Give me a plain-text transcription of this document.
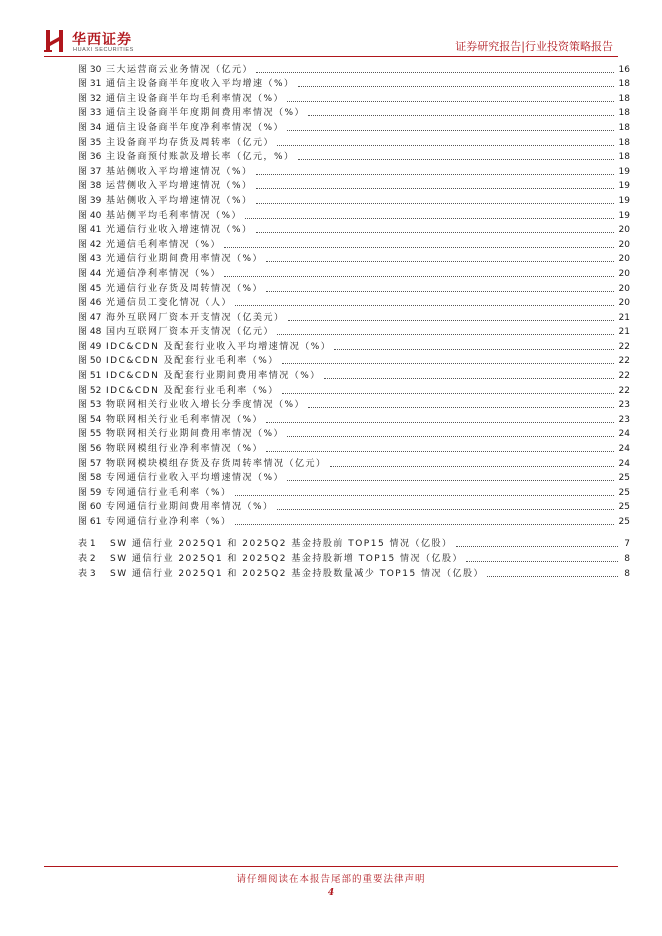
华西证券
HUAXI SECURITIES	证券研究报告|行业投资策略报告
图 30 三大运营商云业务情况（亿元）	16
图 31 通信主设备商半年度收入平均增速（%）	18
图 32 通信主设备商半年均毛利率情况（%）	18
图 33 通信主设备商半年度期间费用率情况（%）	18
图 34 通信主设备商半年度净利率情况（%）	18
图 35 主设备商平均存货及周转率（亿元）	18
图 36 主设备商预付账款及增长率（亿元，%）	18
图 37 基站侧收入平均增速情况（%）	19
图 38 运营侧收入平均增速情况（%）	19
图 39 基站侧收入平均增速情况（%）	19
图 40 基站侧平均毛利率情况（%）	19
图 41 光通信行业收入增速情况（%）	20
图 42 光通信毛利率情况（%）	20
图 43 光通信行业期间费用率情况（%）	20
图 44 光通信净利率情况（%）	20
图 45 光通信行业存货及周转情况（%）	20
图 46 光通信员工变化情况（人）	20
图 47 海外互联网厂资本开支情况（亿美元）	21
图 48 国内互联网厂资本开支情况（亿元）	21
图 49 IDC&CDN 及配套行业收入平均增速情况（%）	22
图 50 IDC&CDN 及配套行业毛利率（%）	22
图 51 IDC&CDN 及配套行业期间费用率情况（%）	22
图 52 IDC&CDN 及配套行业毛利率（%）	22
图 53 物联网相关行业收入增长分季度情况（%）	23
图 54 物联网相关行业毛利率情况（%）	23
图 55 物联网相关行业期间费用率情况（%）	24
图 56 物联网模组行业净利率情况（%）	24
图 57 物联网模块模组存货及存货周转率情况（亿元）	24
图 58 专网通信行业收入平均增速情况（%）	25
图 59 专网通信行业毛利率（%）	25
图 60 专网通信行业期间费用率情况（%）	25
图 61 专网通信行业净利率（%）	25
表 1	SW 通信行业 2025Q1 和 2025Q2 基金持股前 TOP15 情况（亿股）	7
表 2	SW 通信行业 2025Q1 和 2025Q2 基金持股新增 TOP15 情况（亿股）	8
表 3	SW 通信行业 2025Q1 和 2025Q2 基金持股数量减少 TOP15 情况（亿股）	8
请仔细阅读在本报告尾部的重要法律声明
4
